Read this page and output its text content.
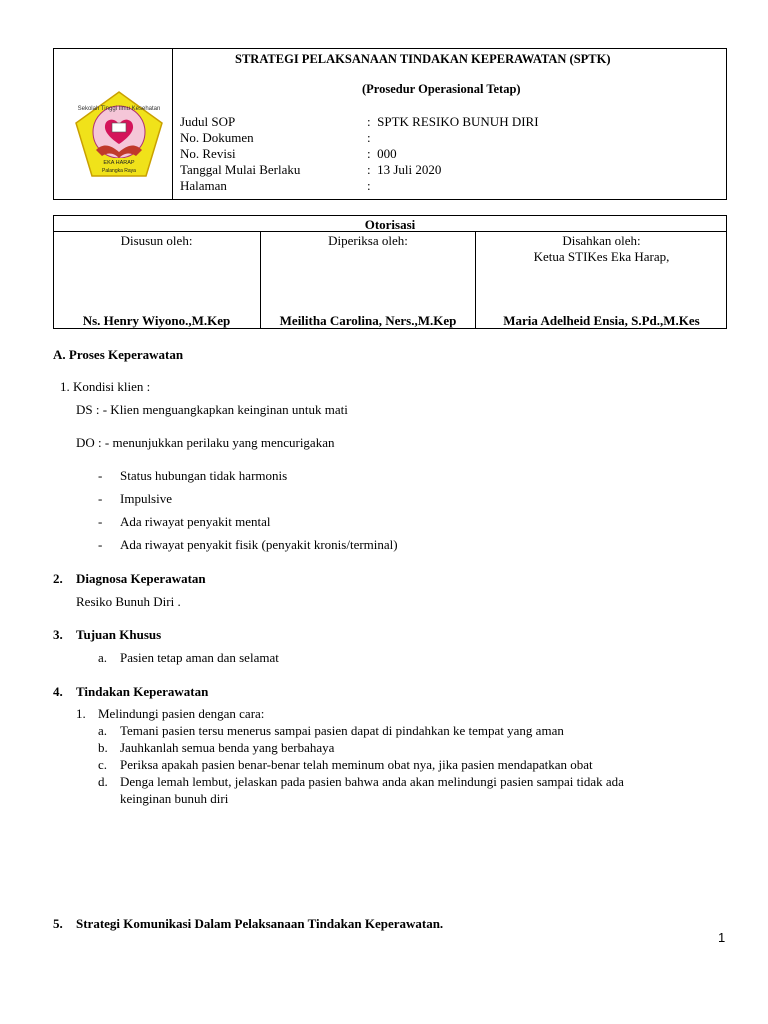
Sekolah Tinggi Ilmu Kesehatan
EKA HARAP
Palangka Raya
STRATEGI PELAKSANAAN TINDAKAN KEPERAWATAN (SPTK)
(Prosedur Operasional Tetap)
Judul SOP	:  SPTK RESIKO BUNUH DIRI
No. Dokumen	:
No. Revisi	:  000
Tanggal Mulai Berlaku	:  13 Juli 2020
Halaman	:
Otorisasi
Disusun oleh:	Diperiksa oleh:	Disahkan oleh:
Ketua STIKes Eka Harap,
Ns. Henry Wiyono.,M.Kep	Meilitha Carolina, Ners.,M.Kep	Maria Adelheid Ensia, S.Pd.,M.Kes
A. Proses Keperawatan
1. Kondisi klien :
DS : - Klien menguangkapkan keinginan untuk mati
DO : - menunjukkan perilaku yang mencurigakan
- Status hubungan tidak harmonis
- Impulsive
- Ada riwayat penyakit mental
- Ada riwayat penyakit fisik (penyakit kronis/terminal)
2. Diagnosa Keperawatan
Resiko Bunuh Diri .
3. Tujuan Khusus
a. Pasien tetap aman dan selamat
4. Tindakan Keperawatan
1. Melindungi pasien dengan cara:
a. Temani pasien tersu menerus sampai pasien dapat di pindahkan ke tempat yang aman
b. Jauhkanlah semua benda yang berbahaya
c. Periksa apakah pasien benar-benar telah meminum obat nya, jika pasien mendapatkan obat
d. Denga lemah lembut, jelaskan pada pasien bahwa anda akan melindungi pasien sampai tidak ada
keinginan bunuh diri
5. Strategi Komunikasi Dalam Pelaksanaan Tindakan Keperawatan.
1
